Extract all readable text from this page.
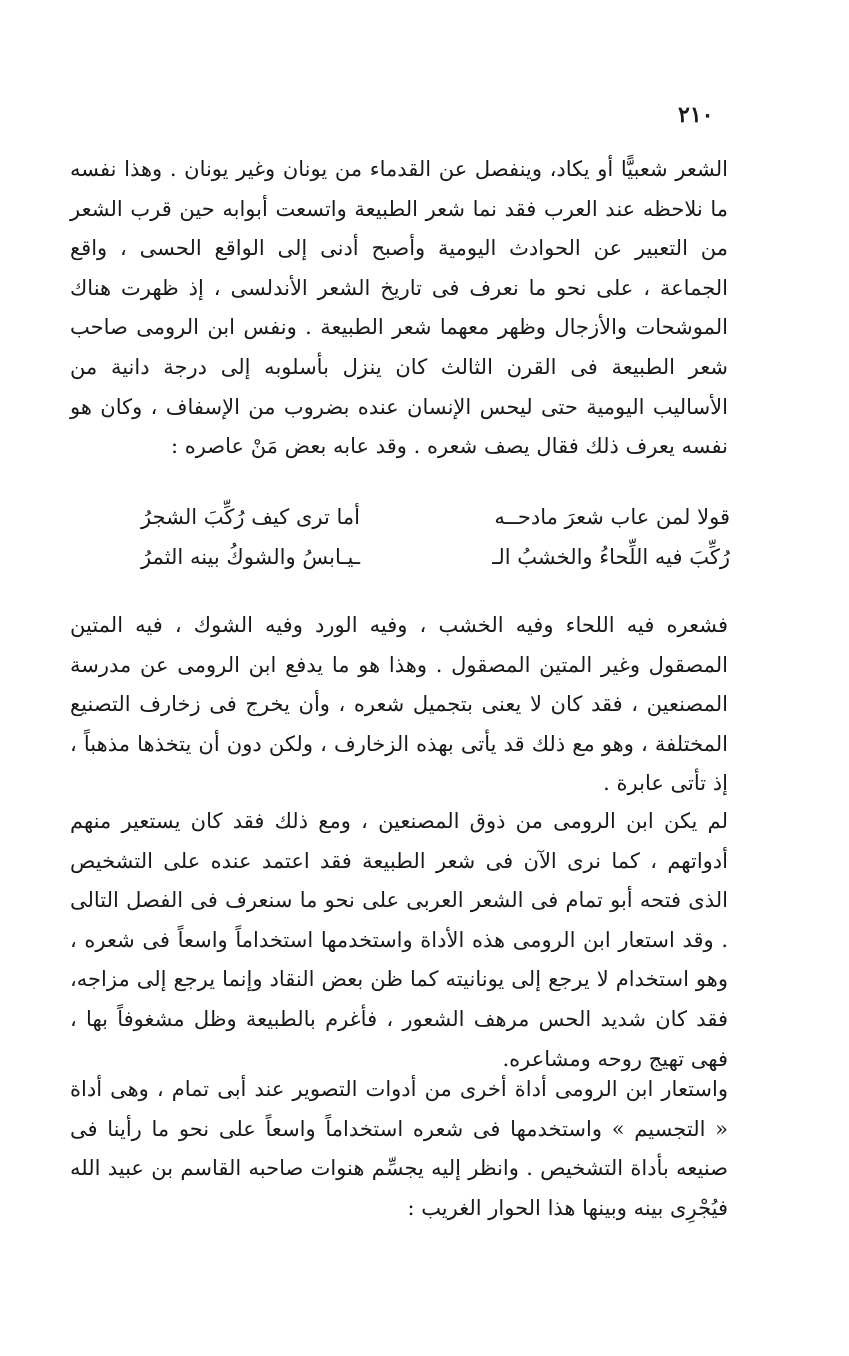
٢١٠

الشعر شعبيًّا أو يكاد، وينفصل عن القدماء من يونان وغير يونان . وهذا نفسه ما نلاحظه عند العرب فقد نما شعر الطبيعة واتسعت أبوابه حين قرب الشعر من التعبير عن الحوادث اليومية وأصبح أدنى إلى الواقع الحسى ، واقع الجماعة ، على نحو ما نعرف فى تاريخ الشعر الأندلسى ، إذ ظهرت هناك الموشحات والأزجال وظهر معهما شعر الطبيعة . ونفس ابن الرومى صاحب شعر الطبيعة فى القرن الثالث كان ينزل بأسلوبه إلى درجة دانية من الأساليب اليومية حتى ليحس الإنسان عنده بضروب من الإسفاف ، وكان هو نفسه يعرف ذلك فقال يصف شعره . وقد عابه بعض مَنْ عاصره :

قولا لمن عاب شعرَ مادحــه
أما ترى كيف رُكِّبَ الشجرُ
رُكِّبَ فيه اللِّحاءُ والخشبُ الـ
ـيـابسُ والشوكُ بينه الثمرُ

فشعره فيه اللحاء وفيه الخشب ، وفيه الورد وفيه الشوك ، فيه المتين المصقول وغير المتين المصقول . وهذا هو ما يدفع ابن الرومى عن مدرسة المصنعين ، فقد كان لا يعنى بتجميل شعره ، وأن يخرج فى زخارف التصنيع المختلفة ، وهو مع ذلك قد يأتى بهذه الزخارف ، ولكن دون أن يتخذها مذهباً ، إذ تأتى عابرة .

لم يكن ابن الرومى من ذوق المصنعين ، ومع ذلك فقد كان يستعير منهم أدواتهم ، كما نرى الآن فى شعر الطبيعة فقد اعتمد عنده على التشخيص الذى فتحه أبو تمام فى الشعر العربى على نحو ما سنعرف فى الفصل التالى . وقد استعار ابن الرومى هذه الأداة واستخدمها استخداماً واسعاً فى شعره ، وهو استخدام لا يرجع إلى يونانيته كما ظن بعض النقاد وإنما يرجع إلى مزاجه، فقد كان شديد الحس مرهف الشعور ، فأغرم بالطبيعة وظل مشغوفاً بها ، فهى تهيج روحه ومشاعره.

واستعار ابن الرومى أداة أخرى من أدوات التصوير عند أبى تمام ، وهى أداة « التجسيم » واستخدمها فى شعره استخداماً واسعاً على نحو ما رأينا فى صنيعه بأداة التشخيص . وانظر إليه يجسِّم هنوات صاحبه القاسم بن عبيد الله فيُجْرِى بينه وبينها هذا الحوار الغريب :
